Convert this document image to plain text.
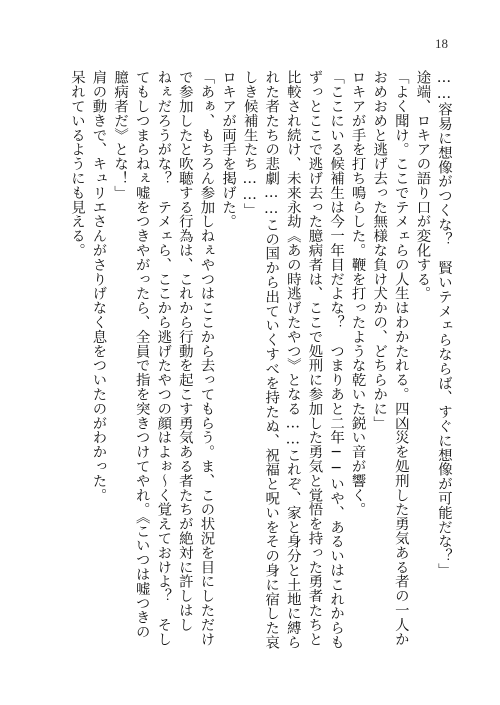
18
……容易に想像がつくな？　賢いテメェらならば、すぐに想像が可能だな？」
途端、ロキアの語り口が変化する。
「よく聞け。ここでテメェらの人生はわかたれる。四凶災を処刑した勇気ある者の一人か
おめおめと逃げ去った無様な負け犬かの、どちらかに」
ロキアが手を打ち鳴らした。鞭を打ったような乾いた鋭い音が響く。
「ここにいる候補生は今一年目だよな？　つまりあと二年──いや、あるいはこれからも
ずっとここで逃げ去った臆病者は、ここで処刑に参加した勇気と覚悟を持った勇者たちと
比較され続け、未来永劫《あの時逃げたやつ》となる……これぞ、家と身分と土地に縛ら
れた者たちの悲劇……この国から出ていくすべを持たぬ、祝福と呪いをその身に宿した哀
しき候補生たち……」
ロキアが両手を掲げた。
「あぁ、もちろん参加しねぇやつはここから去ってもらう。ま、この状況を目にしただけ
で参加したと吹聴する行為は、これから行動を起こす勇気ある者たちが絶対に許しはし
ねぇだろうがな？　テメェら、ここから逃げたやつの顔はよぉ～く覚えておけよ？　そし
てもしつまらねぇ嘘をつきやがったら、全員で指を突きつけてやれ。《こいつは嘘つきの
臆病者だ》とな！」
肩の動きで、キュリエさんがさりげなく息をついたのがわかった。
呆れているようにも見える。
